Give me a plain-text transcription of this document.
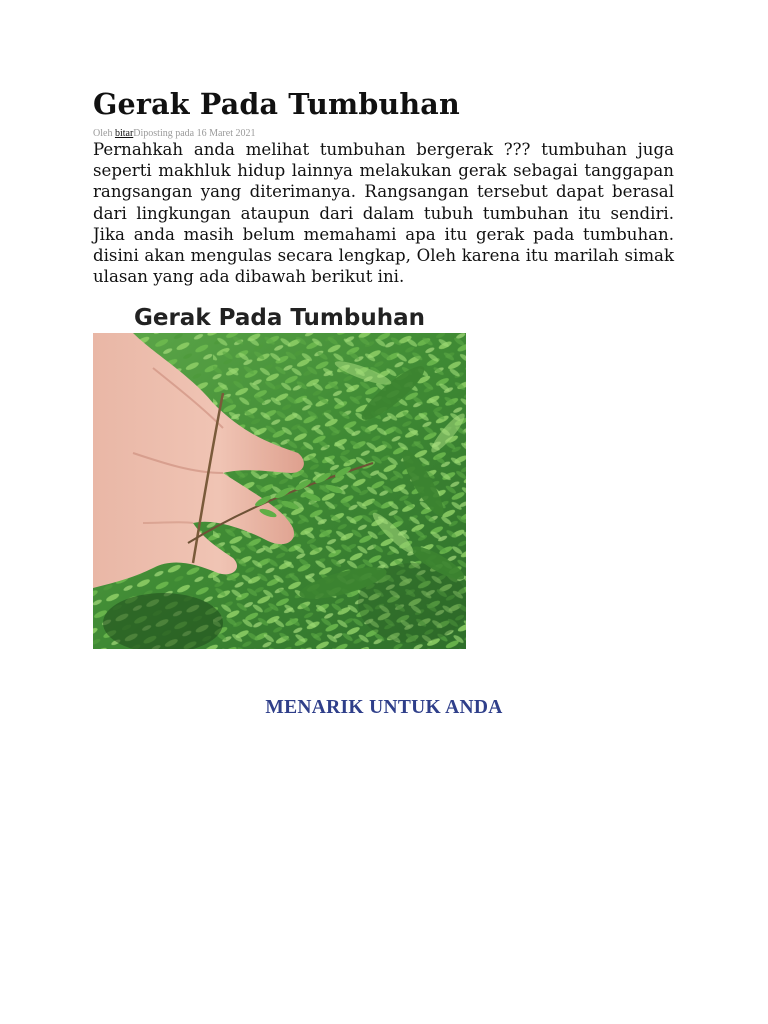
Gerak Pada Tumbuhan
Oleh bitarDiposting pada 16 Maret 2021

Pernahkah anda melihat tumbuhan bergerak ??? tumbuhan juga seperti makhluk hidup lainnya melakukan gerak sebagai tanggapan rangsangan yang diterimanya. Rangsangan tersebut dapat berasal dari lingkungan ataupun dari dalam tubuh tumbuhan itu sendiri. Jika anda masih belum memahami apa itu gerak pada tumbuhan. disini akan mengulas secara lengkap, Oleh karena itu marilah simak ulasan yang ada dibawah berikut ini.

Gerak Pada Tumbuhan
MENARIK UNTUK ANDA
